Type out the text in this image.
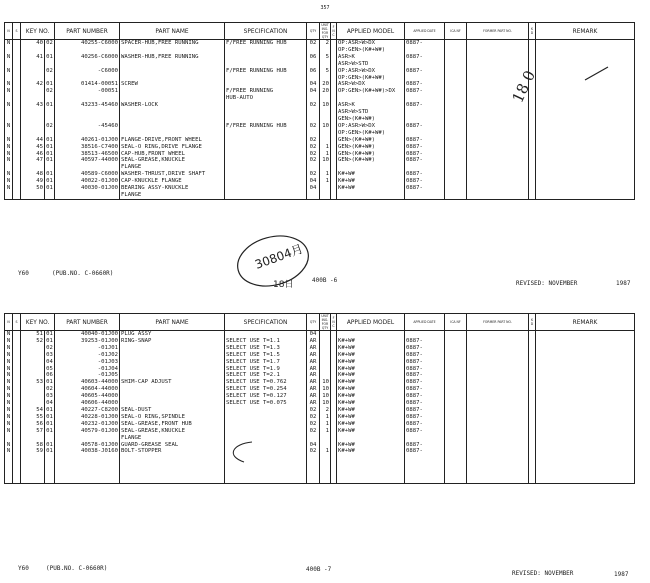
357
N	S	KEY NO.		PART NUMBER	PART NAME	SPECIFICATION	QTY	UNIT ING. FOR QTY	F N C	APPLIED MODEL	APPLIED DATE	ICA NF	FORMER PART NO.	K D	REMARK
N		40	02	40255-C6000	SPACER-HUB,FREE RUNNING	F/FREE RUNNING HUB	02	2		OP:ASR>W>DX	0887-				
										OP:GEN>(K#+W#)					
N		41	01	40256-C6000	WASHER-HUB,FREE RUNNING		06	5		ASR>K	0887-				
										ASR>W>STD					
N			02	-C6000		F/FREE RUNNING HUB	06	5		OP:ASR>W>DX	0887-				
										OP:GEN>(K#+W#)					
N		42	01	01414-00051	SCREW		04	20		ASR>W>DX	0887-				
N			02	-00051		F/FREE RUNNING	04	20		OP:GEN>(K#+W#)>DX	0887-				
						HUB-AUTO									
N		43	01	43233-45460	WASHER-LOCK		02	10		ASR>K	0887-				
										ASR>W>STD					
										GEN>(K#+W#)					
N			02	-45460		F/FREE RUNNING HUB	02	10		OP:ASR>W>DX	0887-				
										OP:GEN>(K#+W#)					
N		44	01	40261-01J00	FLANGE-DRIVE,FRONT WHEEL		02			GEN>(K#+W#)	0887-				
N		45	01	38516-C7400	SEAL-O RING,DRIVE FLANGE		02	1		GEN>(K#+W#)	0887-				
N		46	01	38513-46500	CAP-HUB,FRONT WHEEL		02	1		GEN>(K#+W#)	0887-				
N		47	01	40597-44000	SEAL-GREASE,KNUCKLE		02	10		GEN>(K#+W#)	0887-				
					FLANGE										
N		48	01	40589-C6000	WASHER-THRUST,DRIVE SHAFT		02	1		K#+W#	0887-				
N		49	01	40022-01J00	CAP-KNUCKLE FLANGE		04	1		K#+W#	0887-				
N		50	01	40030-01J00	BEARING ASSY-KNUCKLE		04			K#+W#	0887-				
					FLANGE										
Y60	(PUB.NO. C-0660R)
400B -6	REVISED: NOVEMBER	1987
30804月
18日
18 0
N	S	KEY NO.		PART NUMBER	PART NAME	SPECIFICATION	QTY	UNIT ING. FOR QTY	F N C	APPLIED MODEL	APPLIED DATE	ICA NF	FORMER PART NO.	K D	REMARK
N		51	01	40040-01J00	PLUG ASSY		04								
N		52	01	39253-01J00	RING-SNAP	SELECT USE T=1.1	AR			K#+W#	0887-				
N			02	-01J01		SELECT USE T=1.3	AR			K#+W#	0887-				
N			03	-01J02		SELECT USE T=1.5	AR			K#+W#	0887-				
N			04	-01J03		SELECT USE T=1.7	AR			K#+W#	0887-				
N			05	-01J04		SELECT USE T=1.9	AR			K#+W#	0887-				
N			06	-01J05		SELECT USE T=2.1	AR			K#+W#	0887-				
N		53	01	40603-44000	SHIM-CAP ADJUST	SELECT USE T=0.762	AR	10		K#+W#	0887-				
N			02	40604-44000		SELECT USE T=0.254	AR	10		K#+W#	0887-				
N			03	40605-44000		SELECT USE T=0.127	AR	10		K#+W#	0887-				
N			04	40606-44000		SELECT USE T=0.075	AR	10		K#+W#	0887-				
N		54	01	40227-C8200	SEAL-DUST		02	2		K#+W#	0887-				
N		55	01	40228-01J00	SEAL-O RING,SPINDLE		02	1		K#+W#	0887-				
N		56	01	40232-01J00	SEAL-GREASE,FRONT HUB		02	1		K#+W#	0887-				
N		57	01	40579-01J00	SEAL-GREASE,KNUCKLE		02	1		K#+W#	0887-				
					FLANGE										
N		58	01	40578-01J00	GUARD-GREASE SEAL		04			K#+W#	0887-				
N		59	01	40038-J0160	BOLT-STOPPER		02	1		K#+W#	0887-				

Y60	(PUB.NO. C-0660R)	400B -7
REVISED: NOVEMBER	1987
